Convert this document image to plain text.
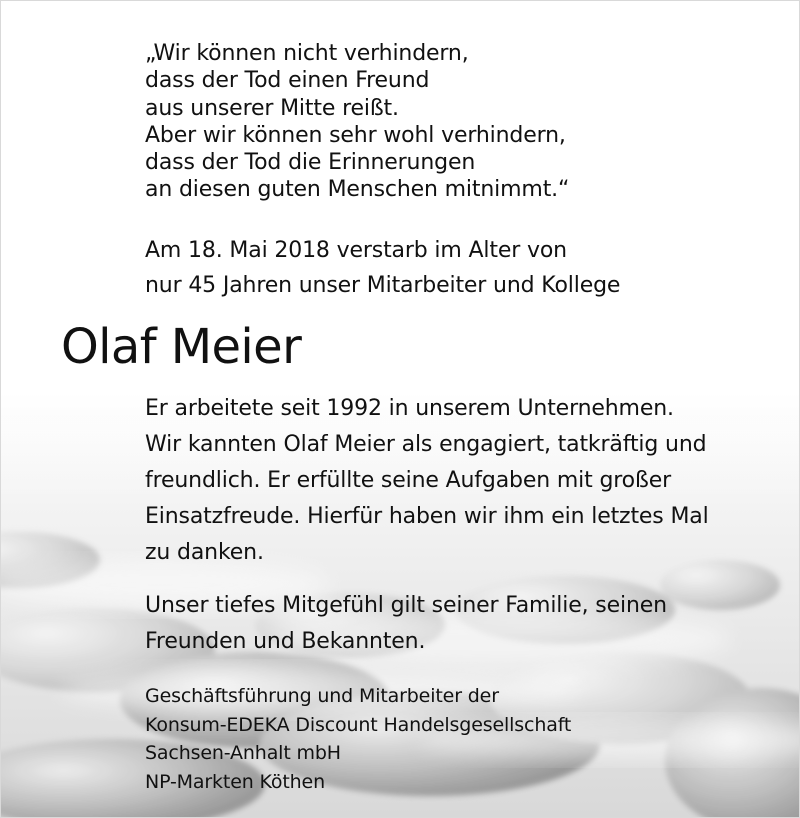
„Wir können nicht verhindern,
dass der Tod einen Freund
aus unserer Mitte reißt.
Aber wir können sehr wohl verhindern,
dass der Tod die Erinnerungen
an diesen guten Menschen mitnimmt.“
Am 18. Mai 2018 verstarb im Alter von
nur 45 Jahren unser Mitarbeiter und Kollege
Olaf Meier
Er arbeitete seit 1992 in unserem Unternehmen.
Wir kannten Olaf Meier als engagiert, tatkräftig und
freundlich. Er erfüllte seine Aufgaben mit großer
Einsatzfreude. Hierfür haben wir ihm ein letztes Mal
zu danken.
Unser tiefes Mitgefühl gilt seiner Familie, seinen
Freunden und Bekannten.
Geschäftsführung und Mitarbeiter der
Konsum-EDEKA Discount Handelsgesellschaft
Sachsen-Anhalt mbH
NP-Markten Köthen
